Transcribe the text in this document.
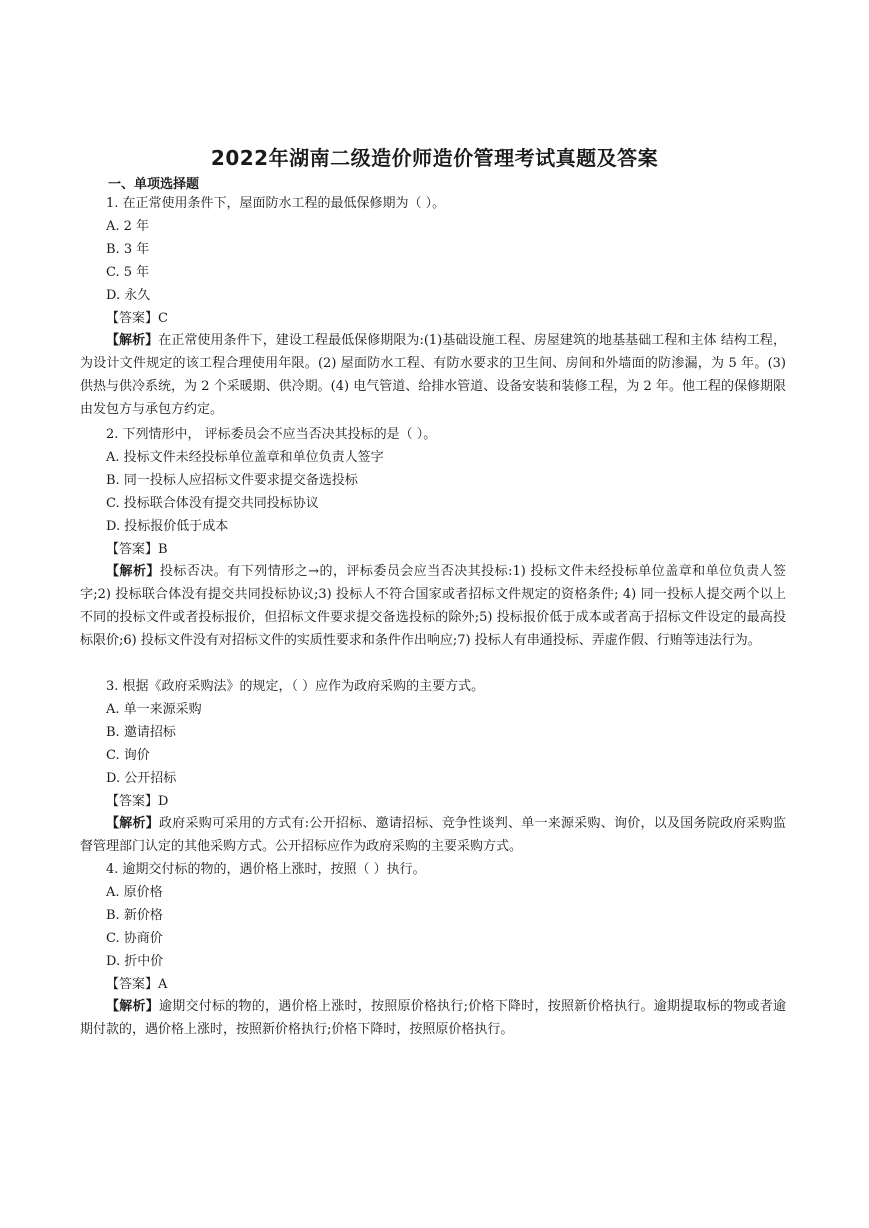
2022年湖南二级造价师造价管理考试真题及答案
一、单项选择题
1. 在正常使用条件下，屋面防水工程的最低保修期为（ ）。
A. 2 年
B. 3 年
C. 5 年
D. 永久
【答案】C
【解析】在正常使用条件下，建设工程最低保修期限为:(1)基础设施工程、房屋建筑的地基基础工程和主体 结构工程，为设计文件规定的该工程合理使用年限。(2) 屋面防水工程、有防水要求的卫生间、房间和外墙面的防渗漏，为 5 年。(3) 供热与供冷系统，为 2 个采暖期、供冷期。(4) 电气管道、给排水管道、设备安装和装修工程，为 2 年。他工程的保修期限由发包方与承包方约定。
2. 下列情形中， 评标委员会不应当否决其投标的是（ ）。
A. 投标文件未经投标单位盖章和单位负责人签字
B. 同一投标人应招标文件要求提交备选投标
C. 投标联合体没有提交共同投标协议
D. 投标报价低于成本
【答案】B
【解析】投标否决。有下列情形之→的，评标委员会应当否决其投标:1) 投标文件未经投标单位盖章和单位负责人签字;2) 投标联合体没有提交共同投标协议;3) 投标人不符合国家或者招标文件规定的资格条件; 4) 同一投标人提交两个以上不同的投标文件或者投标报价，但招标文件要求提交备选投标的除外;5) 投标报价低于成本或者高于招标文件设定的最高投标限价;6) 投标文件没有对招标文件的实质性要求和条件作出响应;7) 投标人有串通投标、弄虚作假、行贿等违法行为。
3. 根据《政府采购法》的规定，（ ）应作为政府采购的主要方式。
A. 单一来源采购
B. 邀请招标
C. 询价
D. 公开招标
【答案】D
【解析】政府采购可采用的方式有:公开招标、邀请招标、竞争性谈判、单一来源采购、询价，以及国务院政府采购监督管理部门认定的其他采购方式。公开招标应作为政府采购的主要采购方式。
4. 逾期交付标的物的，遇价格上涨时，按照（ ）执行。
A. 原价格
B. 新价格
C. 协商价
D. 折中价
【答案】A
【解析】逾期交付标的物的，遇价格上涨时，按照原价格执行;价格下降时，按照新价格执行。逾期提取标的物或者逾期付款的，遇价格上涨时，按照新价格执行;价格下降时，按照原价格执行。
